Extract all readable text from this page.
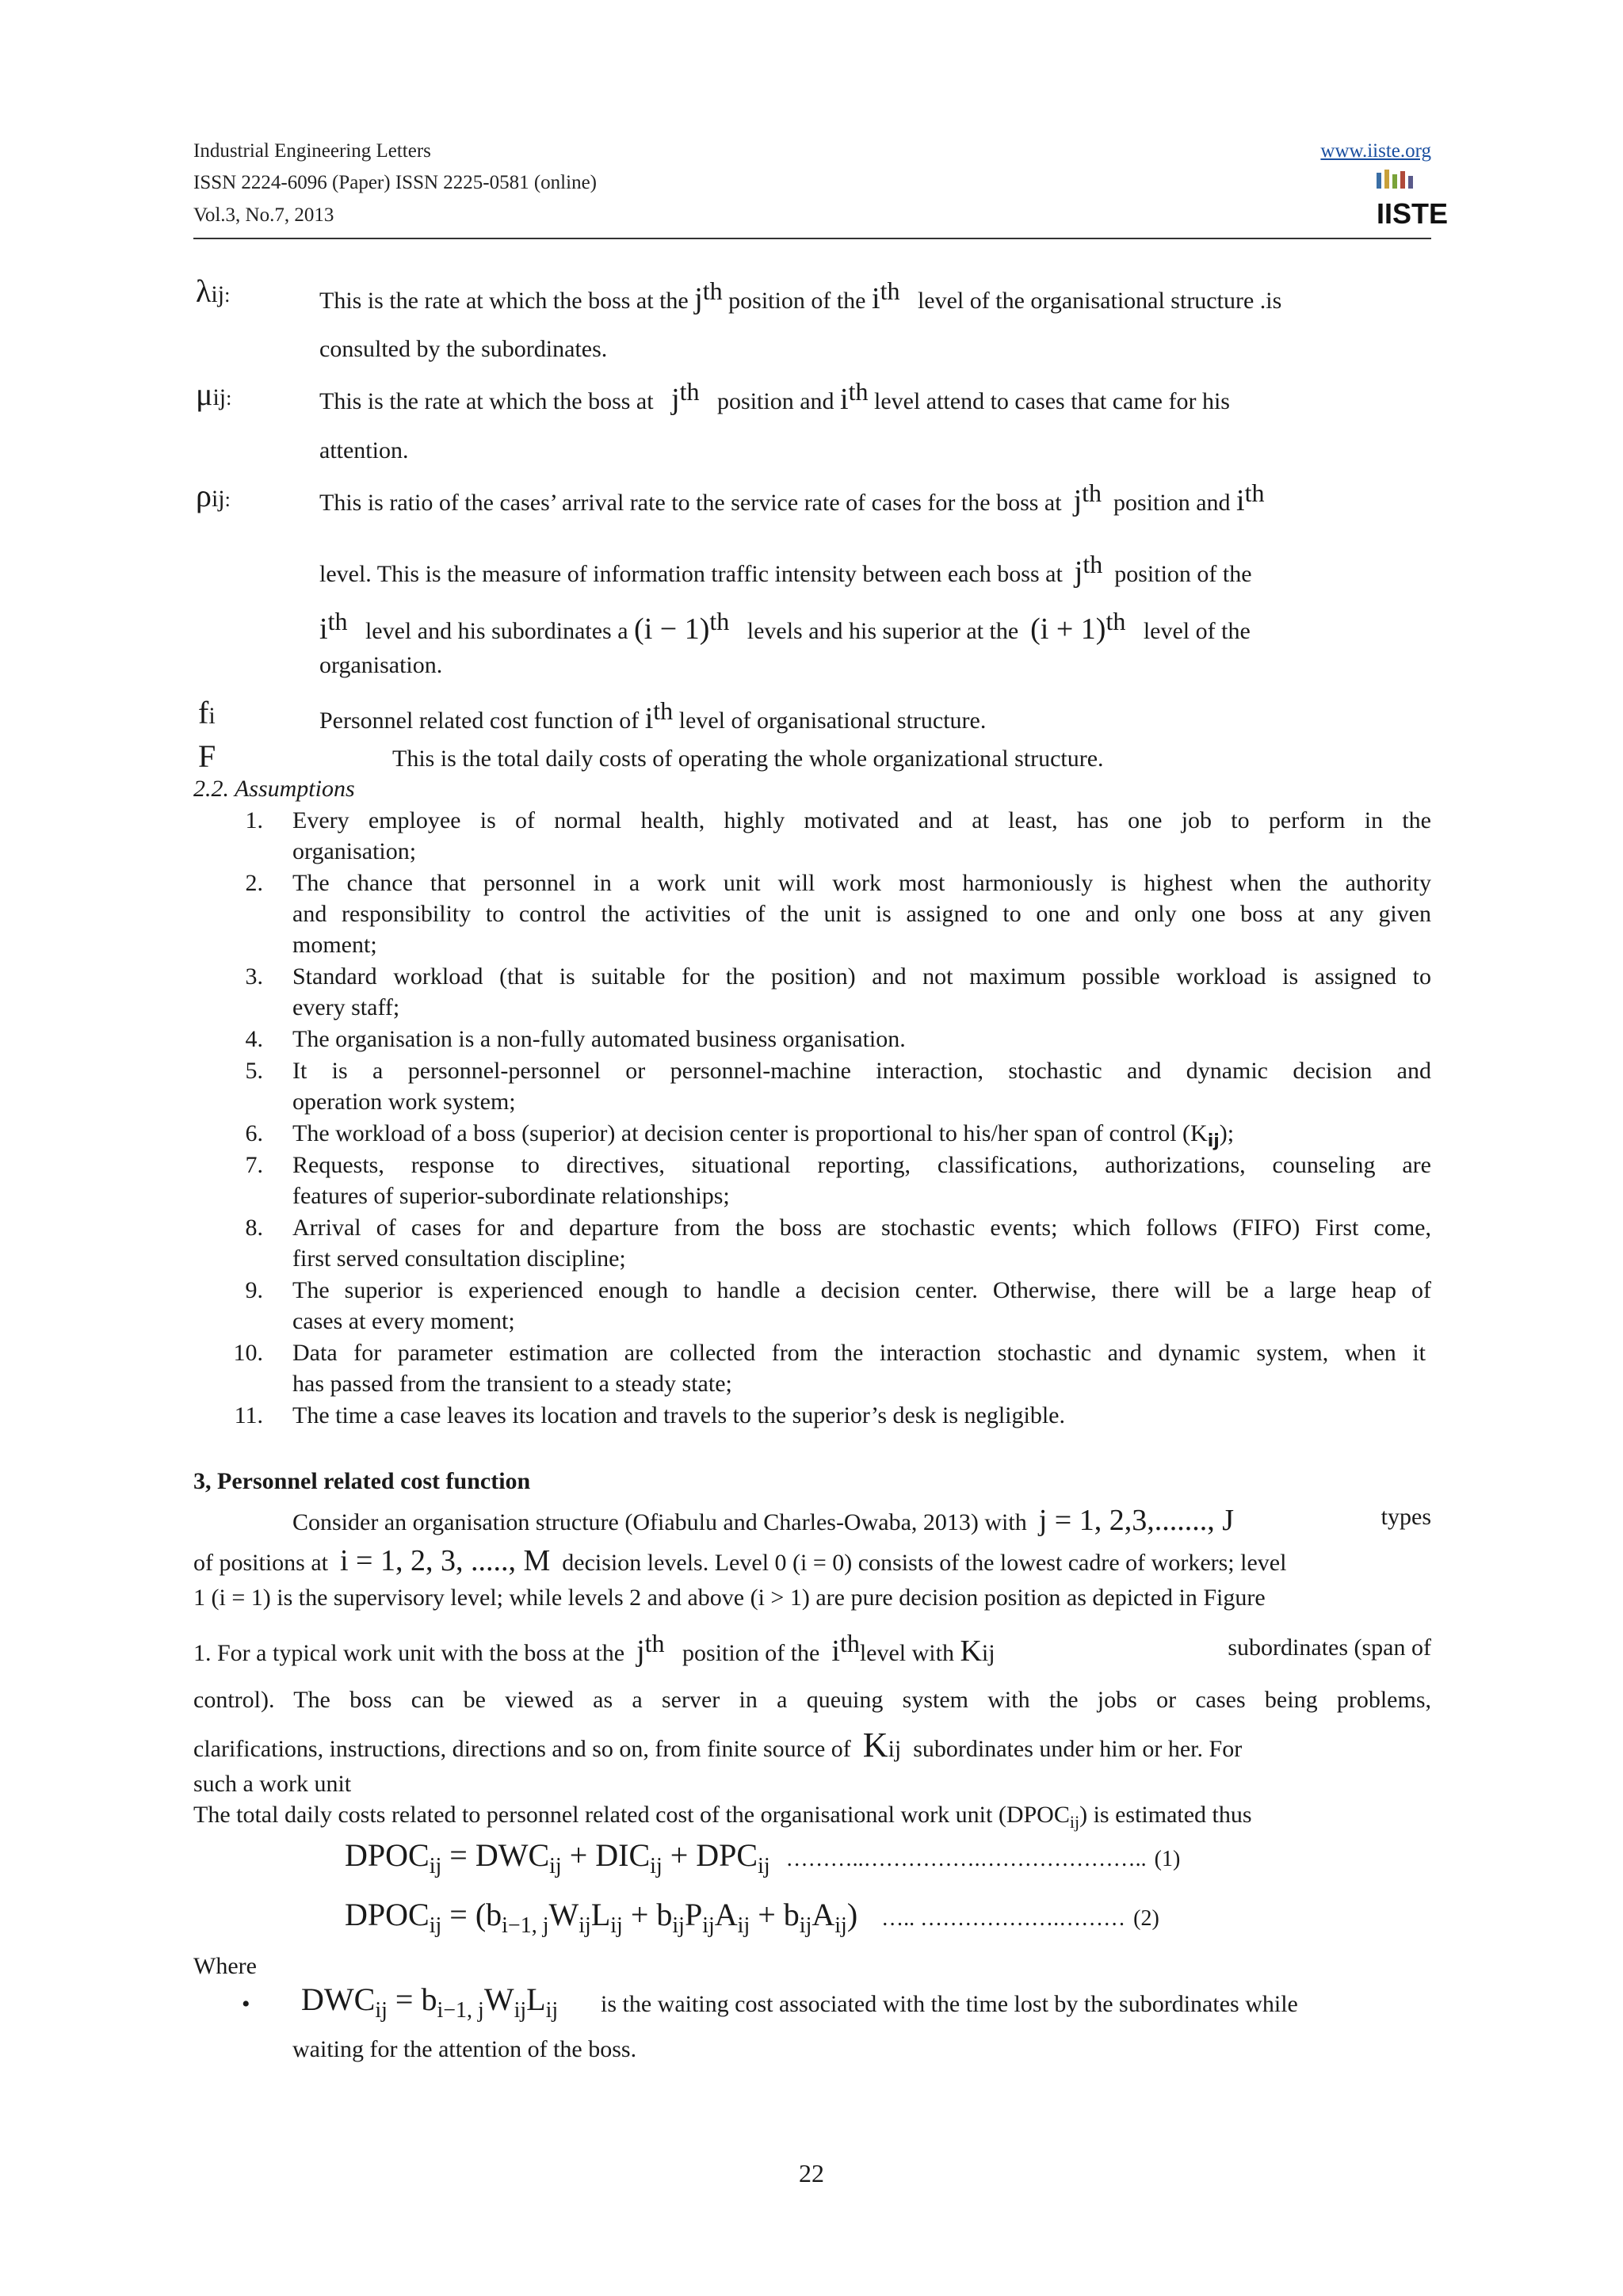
Industrial Engineering Letters
ISSN 2224-6096 (Paper) ISSN 2225-0581 (online)
Vol.3, No.7, 2013
www.iiste.org
IISTE
λij:	This is the rate at which the boss at the jth position of the ith level of the organisational structure .is
consulted by the subordinates.
μij:	This is the rate at which the boss at jth position and ith level attend to cases that came for his
attention.
ρij:	This is ratio of the cases’ arrival rate to the service rate of cases for the boss at jth position and ith
level. This is the measure of information traffic intensity between each boss at jth position of the
ith level and his subordinates a (i − 1)th levels and his superior at the (i + 1)th level of the
organisation.
fi	Personnel related cost function of ith level of organisational structure.
F	This is the total daily costs of operating the whole organizational structure.
2.2. Assumptions
1. Every employee is of normal health, highly motivated and at least, has one job to perform in the
organisation;
2. The chance that personnel in a work unit will work most harmoniously is highest when the authority
and responsibility to control the activities of the unit is assigned to one and only one boss at any given
moment;
3. Standard workload (that is suitable for the position) and not maximum possible workload is assigned to
every staff;
4. The organisation is a non-fully automated business organisation.
5. It is a personnel-personnel or personnel-machine interaction, stochastic and dynamic decision and
operation work system;
6. The workload of a boss (superior) at decision center is proportional to his/her span of control $(K_{ij})$;
7. Requests, response to directives, situational reporting, classifications, authorizations, counseling are
features of superior-subordinate relationships;
8. Arrival of cases for and departure from the boss are stochastic events; which follows (FIFO) First come,
first served consultation discipline;
9. The superior is experienced enough to handle a decision center. Otherwise, there will be a large heap of
cases at every moment;
10. Data for parameter estimation are collected from the interaction stochastic and dynamic system, when it
has passed from the transient to a steady state;
11. The time a case leaves its location and travels to the superior’s desk is negligible.
3, Personnel related cost function
Consider an organisation structure (Ofiabulu and Charles-Owaba, 2013) with j = 1, 2,3,......., J	types
of positions at i = 1, 2, 3, ....., M decision levels. Level 0 (i = 0) consists of the lowest cadre of workers; level
1 (i = 1) is the supervisory level; while levels 2 and above (i > 1) are pure decision position as depicted in Figure
1. For a typical work unit with the boss at the jth position of the ithlevel with Kij	subordinates (span of
control). The boss can be viewed as a server in a queuing system with the jobs or cases being problems,
clarifications, instructions, directions and so on, from finite source of Kij subordinates under him or her. For
such a work unit
The total daily costs related to personnel related cost of the organisational work unit $(DPOC_{ij})$ is estimated thus
$DPOC_{ij} = DWC_{ij} + DIC_{ij} + DPC_{ij}$ ………..…………….………………….. (1)
$DPOC_{ij} = (b_{i-1, j}W_{ij}L_{ij} + b_{ij}P_{ij}A_{ij} + b_{ij}A_{ij})$ ….. ……………….……… (2)
Where
• $DWC_{ij} = b_{i-1, j}W_{ij}L_{ij}$ is the waiting cost associated with the time lost by the subordinates while
waiting for the attention of the boss.
22
